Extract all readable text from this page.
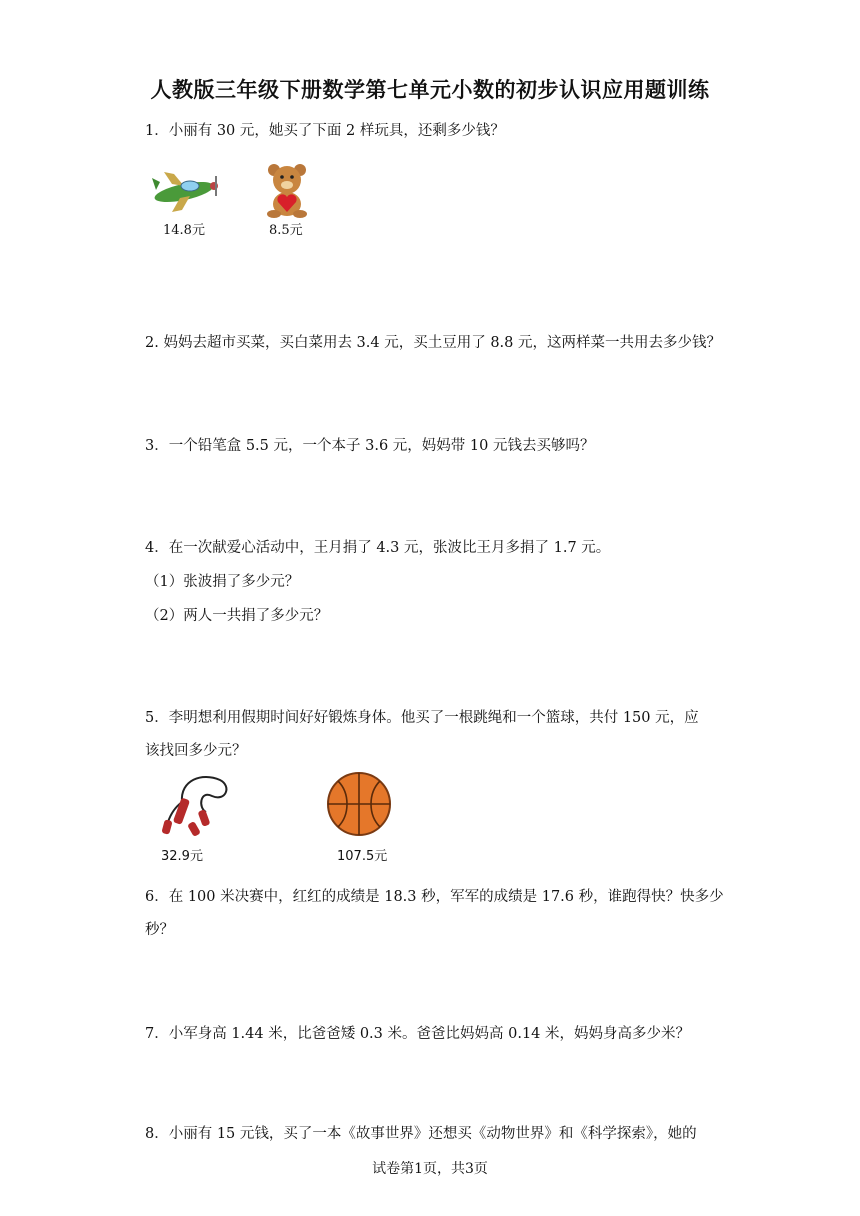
人教版三年级下册数学第七单元小数的初步认识应用题训练
1．小丽有 30 元，她买了下面 2 样玩具，还剩多少钱？
14.8元	8.5元
2. 妈妈去超市买菜，买白菜用去 3.4 元，买土豆用了 8.8 元，这两样菜一共用去多少钱？
3．一个铅笔盒 5.5 元，一个本子 3.6 元，妈妈带 10 元钱去买够吗？
4．在一次献爱心活动中，王月捐了 4.3 元，张波比王月多捐了 1.7 元。
（1）张波捐了多少元？
（2）两人一共捐了多少元？
5．李明想利用假期时间好好锻炼身体。他买了一根跳绳和一个篮球，共付 150 元，应
该找回多少元？
32.9元	107.5元
6．在 100 米决赛中，红红的成绩是 18.3 秒，军军的成绩是 17.6 秒，谁跑得快？快多少
秒？
7．小军身高 1.44 米，比爸爸矮 0.3 米。爸爸比妈妈高 0.14 米，妈妈身高多少米？
8．小丽有 15 元钱，买了一本《故事世界》还想买《动物世界》和《科学探索》，她的
试卷第1页，共3页
